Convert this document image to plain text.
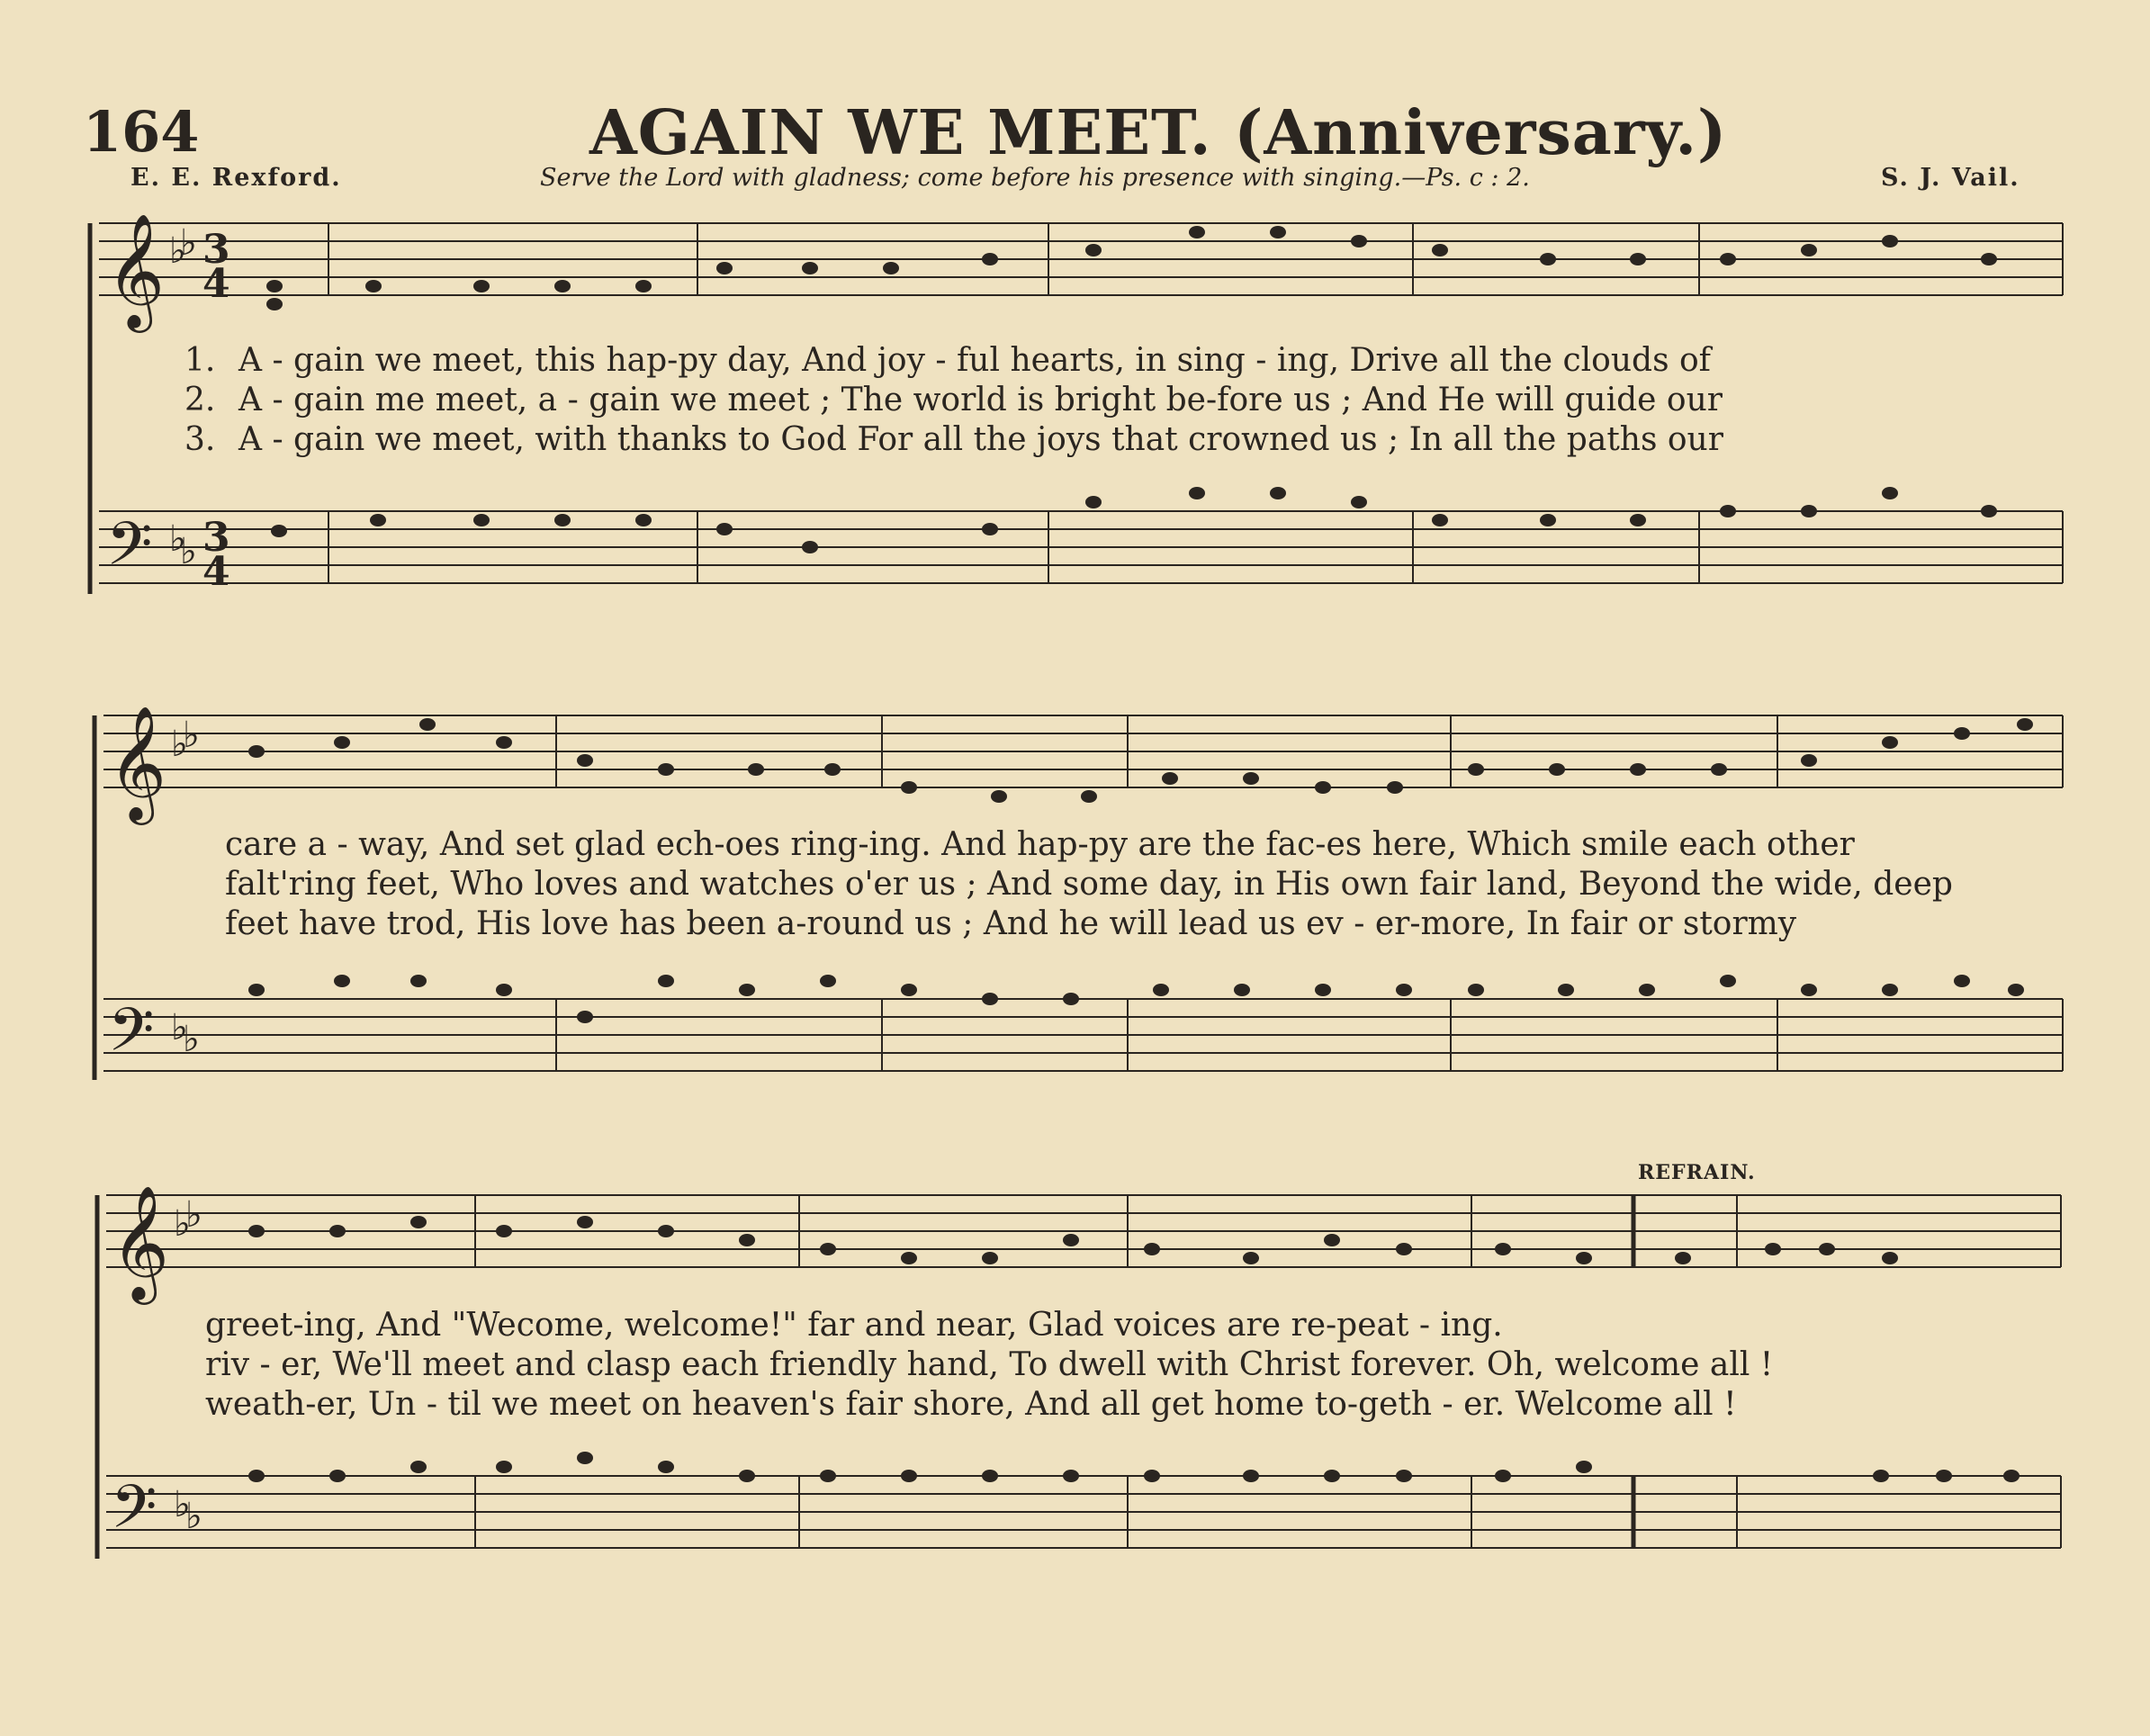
164	AGAIN WE MEET. (Anniversary.)
E. E. Rexford.	Serve the Lord with gladness; come before his presence with singing.—Ps. c : 2.	S. J. Vail.
𝄞
𝄢
♭
♭
♭
♭
3
4
3
4
𝄞
𝄢
♭
♭
♭
♭
𝄞
𝄢
♭
♭
♭
♭
1. A - gain we meet, this hap-py day, And joy - ful hearts, in sing - ing, Drive all the clouds of
2. A - gain me meet, a - gain we meet ; The world is bright be-fore us ; And He will guide our
3. A - gain we meet, with thanks to God For all the joys that crowned us ; In all the paths our
care a - way, And set glad ech-oes ring-ing. And hap-py are the fac-es here, Which smile each other
falt'ring feet, Who loves and watches o'er us ; And some day, in His own fair land, Beyond the wide, deep
feet have trod, His love has been a-round us ; And he will lead us ev - er-more, In fair or stormy
REFRAIN.
greet-ing, And "Wecome, welcome!" far and near, Glad voices are re-peat - ing.
riv - er, We'll meet and clasp each friendly hand, To dwell with Christ forever. Oh, welcome all !
weath-er, Un - til we meet on heaven's fair shore, And all get home to-geth - er. Welcome all !
